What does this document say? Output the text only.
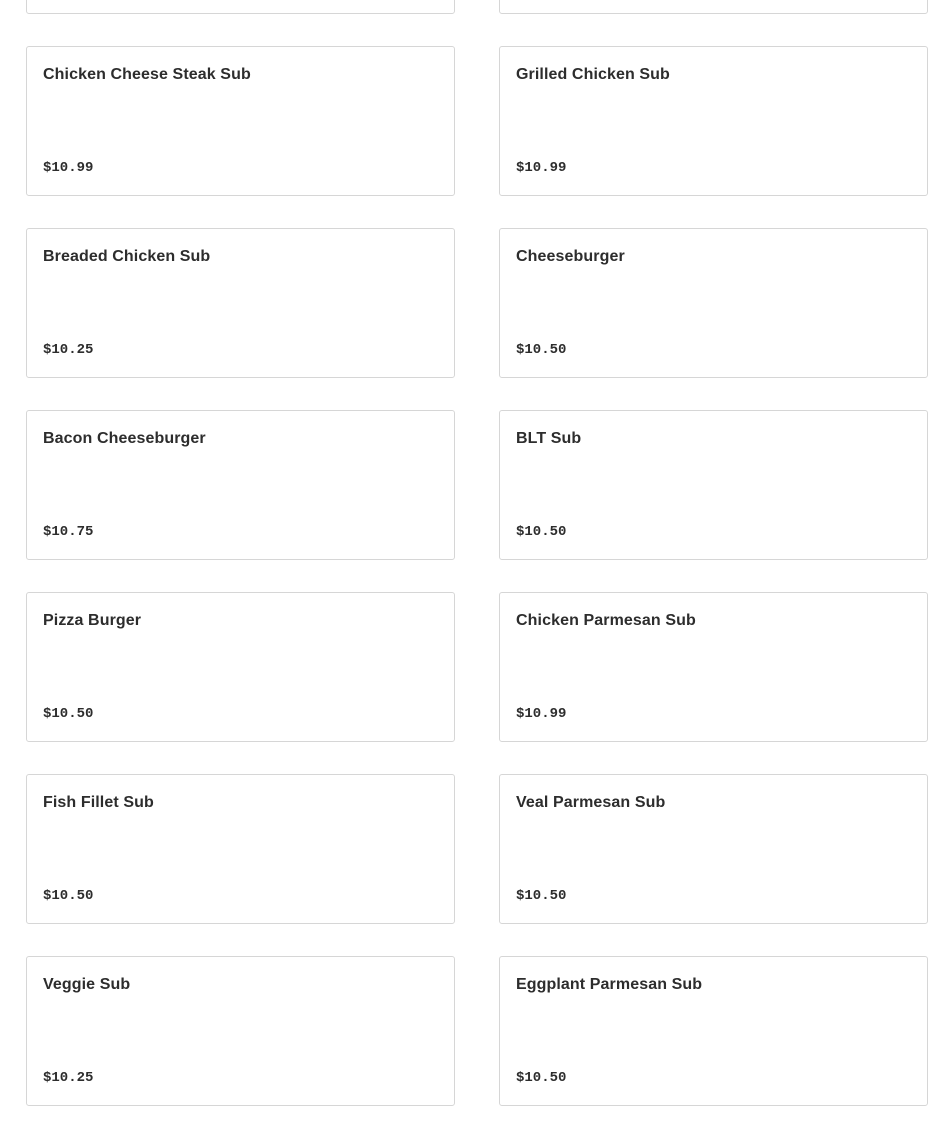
Chicken Cheese Steak Sub
$10.99
Grilled Chicken Sub
$10.99
Breaded Chicken Sub
$10.25
Cheeseburger
$10.50
Bacon Cheeseburger
$10.75
BLT Sub
$10.50
Pizza Burger
$10.50
Chicken Parmesan Sub
$10.99
Fish Fillet Sub
$10.50
Veal Parmesan Sub
$10.50
Veggie Sub
$10.25
Eggplant Parmesan Sub
$10.50
